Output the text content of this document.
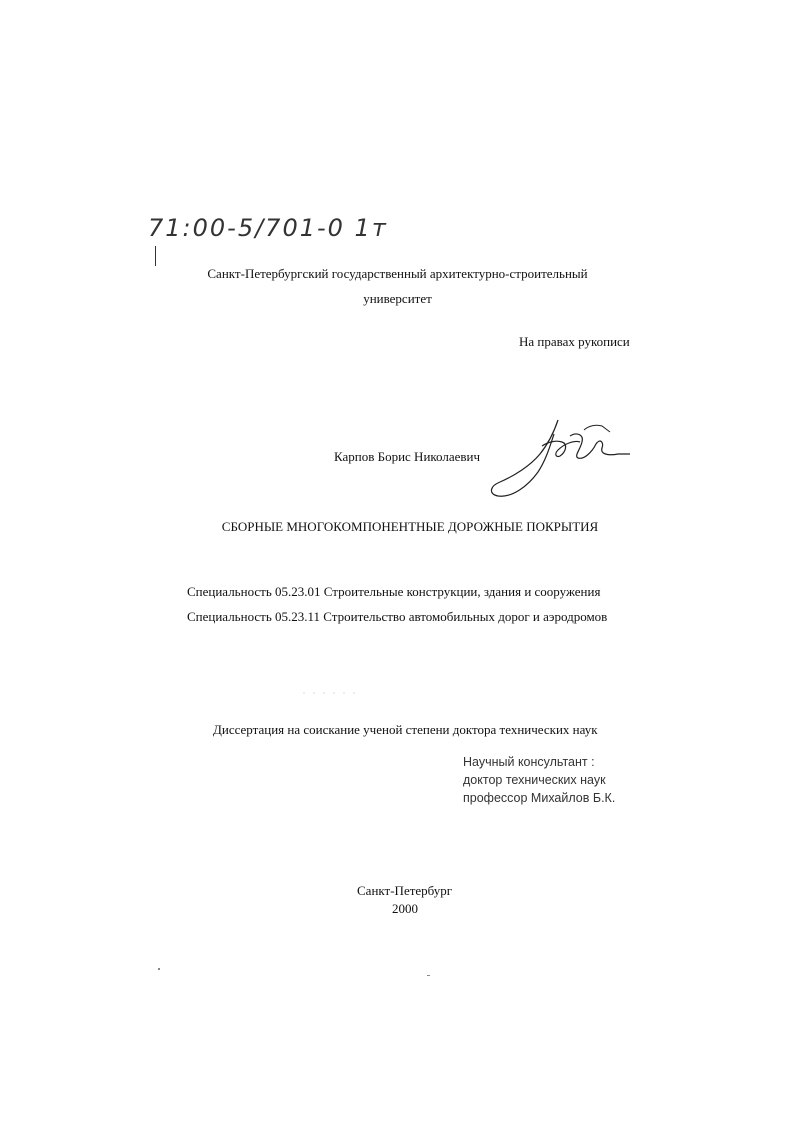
71:00-5/701-0 1т
Санкт-Петербургский государственный архитектурно-строительный
университет
На правах рукописи
Карпов Борис Николаевич
СБОРНЫЕ МНОГОКОМПОНЕНТНЫЕ ДОРОЖНЫЕ ПОКРЫТИЯ
Специальность 05.23.01 Строительные конструкции, здания и сооружения
Специальность 05.23.11 Строительство автомобильных дорог и аэродромов
Диссертация на соискание ученой степени доктора технических наук
Научный консультант :
доктор технических наук
профессор Михайлов Б.К.
Санкт-Петербург
2000
